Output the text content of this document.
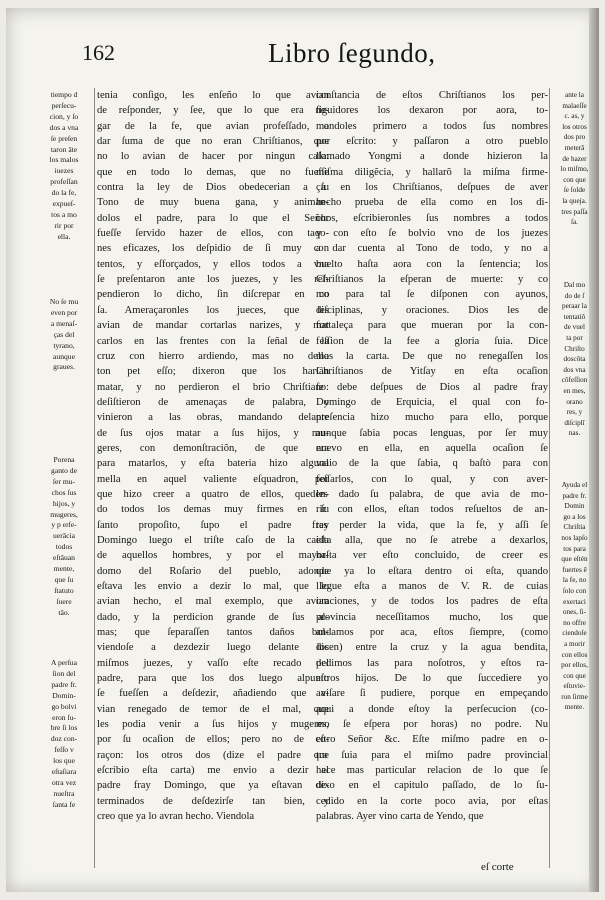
162	Libro ſegundo,
tiempo d
perſecu-
cion, y ſo
dos a vna
ſe preſen
taron ãte
los malos
iuezes
profeſſan
do la fe,
expueſ-
tos a mo
rir por
ella.
No ſe mu
even por
a menaſ-
ças del
tyrano,
aunque
graues.
Porena
ganto de
ſer mu-
chos ſus
hijos, y
mugeres,
y p erſe-
uerãcia
todos
eſtãuan
mente,
que ſu
ſtatuto
ſuere
tão.
A perſua
ſion del
padre fr.
Domin-
go bolvi
eron ſu-
bre ſi los
doz con-
feſſo v
los que
eſtaſiara
otra vez
nueſtra
ſanta fe
ante la
malaeſſe
c. as, y
los otros
dos pro
meterã
de hazer
lo miſmo,
con que
ſe ſolde
la queja.
tres paſſa
ſa.
Dal mo
do de ſ
peraar la
tentatiõ
de vuel
ta por
Chriſto
doscõta
dos vna
cõfeſſion
en mes,
orano
res, y
diſciplĩ
nas.
Ayuda el
padre fr.
Domin
go a los
Chriſtia
nos lapſo
tos para
que eſtén
fuertes ẽ
la fe, no
ſolo con
exertaci
ones, ſi-
no offre
ciendoſe
a morir
con ellos
por ellos,
con que
eſtuvie-
ron ſirme
mente.
tenia conſigo, les enſeño lo que avian
de reſponder, y ſee, que lo que era ne-
gar de la fe, que avian profeſſado, o
dar ſuma de que no eran Chriſtianos, que
no lo avian de hacer por ningun caſo:
que en todo lo demas, que no fueſſe
contra la ley de Dios obedecerian a ſu
Tono de muy buena gana, y animan-
dolos el padre, para lo que el Señor
fueſſe ſervido hazer de ellos, con taqo-
nes eficazes, los deſpidio de ſi muy con
tentos, y eſforçados, y ellos todos a vna
ſe preſentaron ante los juezes, y les reſ-
pendieron lo dicho, ſin diſcrepar en co
ſa. Ameraçaronles los jueces, que les
avian de mandar cortarlas narizes, y mat
carlos en las frentes con la ſeñal de la
cruz con hierro ardiendo, mas no dello
ton pet eſſo; dixeron que los harian
matar, y no perdieron el brio Chriſtiano:
deſiſtieron de amenaças de palabra, y
vinieron a las obras, mandando delante
de ſus ojos matar a ſus hijos, y mu-
geres, con demonſtraciõn, de que era
para matarlos, y eſta bateria hizo alguna
mella en aquel valiente eſquadron, por
que hizo creer a quatro de ellos, queden-
do todos los demas muy firmes en ſu
ſanto propoſito, ſupo el padre fray
Domingo luego el triſte caſo de la caida
de aquellos hombres, y por el mayor-
domo del Roſario del pueblo, adonde
eſtava les envio a dezir lo mal, que lo
avian hecho, el mal exemplo, que avian
dado, y la perdicion grande de ſus al-
mas; que ſeparaſſen tantos daños bol-
viendoſe a dezdezir luego delante los
miſmos juezes, y vaſſo eſte recado del
padre, para que los dos luego alpunto
ſe fueſſen a deſdezir, añadiendo que a-
vian renegado de temor de el mal, que
les podia venir a ſus hijos y mugeres,
por ſu ocaſion de ellos; pero no de co-
raçon: los otros dos (dize el padre que
eſcribio eſta carta) me envio a dezir el
padre fray Domingo, que ya eſtavan de-
terminados de deſdezirſe tan bien, y
creo que ya lo avran hecho. Viendola
conſtancia de eſtos Chriſtianos los per-
ſiguidores los dexaron por aora, to-
mandoles primero a todos ſus nombres
por eſcrito: y paſſaron a otro pueblo
llamado Yongmi a donde hizieron la
miſma diligẽcia, y hallarõ la miſma firme-
ça en los Chriſtianos, deſpues de aver
hecho prueba de ella como en los di-
chos, eſcribieronles ſus nombres a todos
y con eſto ſe bolvio vno de los juezes
a dar cuenta al Tono de todo, y no a
buelto haſta aora con la ſentencia; los
Chriſtianos la eſperan de muerte: y co
mo para tal ſe diſponen con ayunos,
diſciplinas, y oraciones. Dios les de
fortaleça para que mueran por la con-
feſſion de la fee a gloria ſuia. Dice
mas la carta. De que no renegaſſen los
Chriſtianos de Yitſay en eſta ocaſion
ſe debe deſpues de Dios al padre fray
Domingo de Erquicia, el qual con fo-
preſencia hizo mucho para ello, porque
aunque ſabia pocas lenguas, por ſer muy
nuevo en ella, en aquella ocaſion ſe
valio de la que ſabia, q baſtò para con
feſſarlos, con lo qual, y con aver-
les dado ſu palabra, de que avia de mo-
rir con ellos, eſtan todos reſueltos de an-
tes perder la vida, que la fe, y aſſi ſe
eſta alla, que no ſe atrebe a dexarlos,
haſta ver eſto concluido, de creer es
que ya lo eſtara dentro oi eſta, quando
llegue eſta a manos de V. R. de cuias
oraciones, y de todos los padres de eſta
provincia neceſſitamos mucho, los que
andamos por aca, eſtos ſiempre, (como
dicen) entre la cruz y la agua bendita,
pedimos las para noſotros, y eſtos ra-
eſtros hijos. De lo que ſuccediere yo
aviſare ſi pudiere, porque en empeçando
aqui a donde eſtoy la perſecucion (co-
mo ſe eſpera por horas) no podre. Nu
eſtro Señor &c. Eſte miſmo padre en o-
tra ſuia para el miſmo padre provincial
hace mas particular relacion de lo que ſe
dixo en el capitulo paſſado, de lo ſu-
cedido en la corte poco avia, por eſtas
palabras. Ayer vino carta de Yendo, que
eſ corte
